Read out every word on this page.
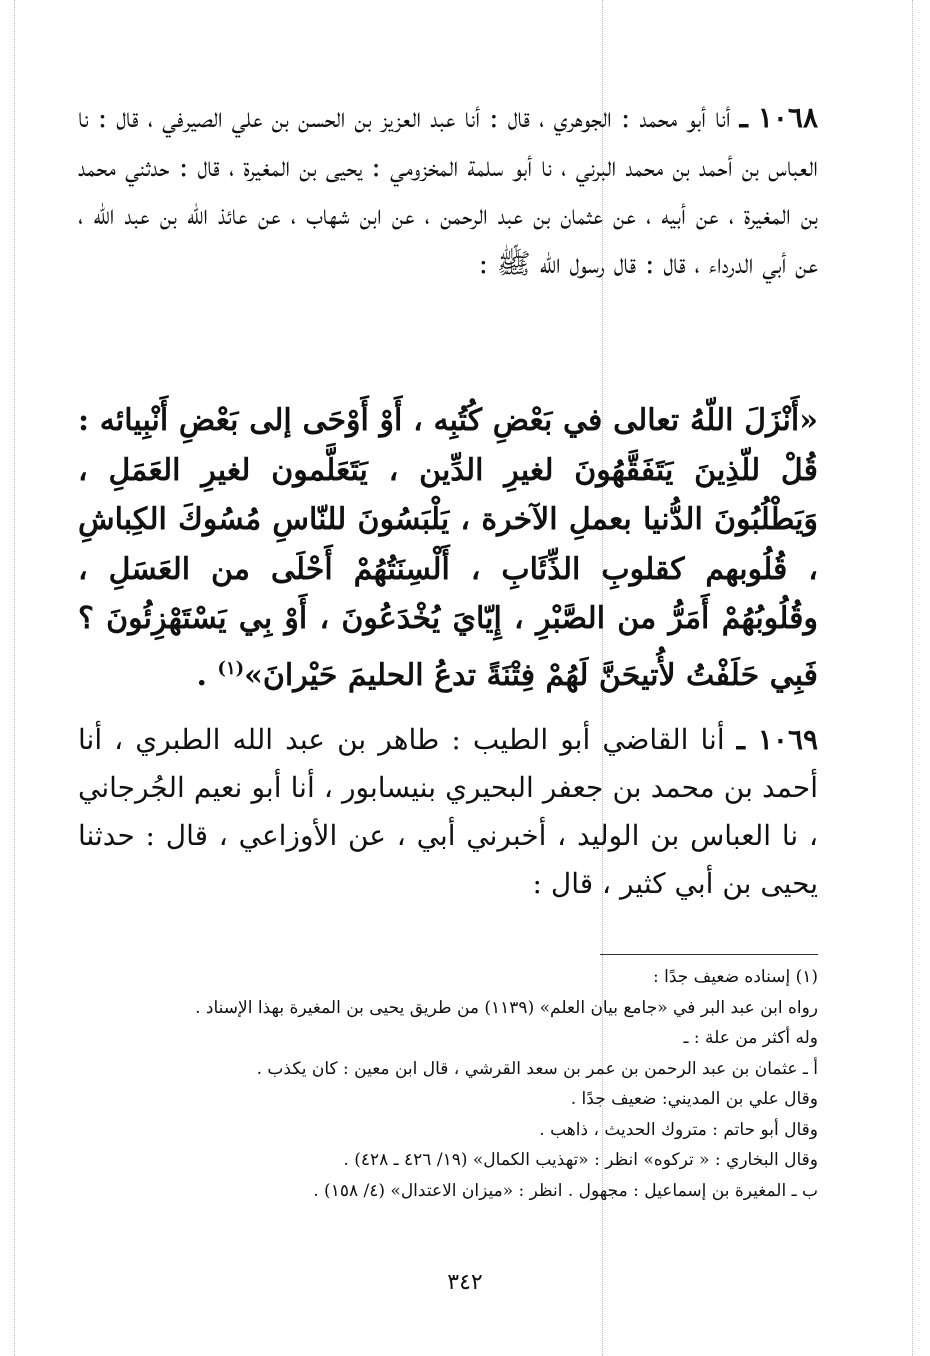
١٠٦٨ ـ أنا أبو محمد : الجوهري ، قال : أنا عبد العزيز بن الحسن بن علي الصيرفي ، قال : نا العباس بن أحمد بن محمد البرني ، نا أبو سلمة المخزومي : يحيى بن المغيرة ، قال : حدثني محمد بن المغيرة ، عن أبيه ، عن عثمان بن عبد الرحمن ، عن ابن شهاب ، عن عائذ الله بن عبد الله ، عن أبي الدرداء ، قال : قال رسول الله ﷺ :
«أَنْزَلَ اللّهُ تعالى في بَعْضِ كُتُبِه ، أَوْ أَوْحَى إلى بَعْضِ أَنْبِيائه : قُلْ للّذِينَ يَتَفَقَّهُونَ لغيرِ الدِّين ، يَتَعَلَّمون لغيرِ العَمَلِ ، وَيَطْلُبُونَ الدُّنيا بعملِ الآخرة ، يَلْبَسُونَ للنّاسِ مُسُوكَ الكِباشِ ، قُلُوبهم كقلوبِ الذِّئَابِ ، أَلْسِنَتُهُمْ أَحْلَى من العَسَلِ ، وقُلُوبُهُمْ أَمَرُّ من الصَّبْرِ ، إِيّايَ يُخْدَعُونَ ، أَوْ بِي يَسْتَهْزِئُونَ ؟ فَبِي حَلَفْتُ لأُتيحَنَّ لَهُمْ فِتْنَةً تدعُ الحليمَ حَيْرانَ»$^{(١)}$ .
١٠٦٩ ـ أنا القاضي أبو الطيب : طاهر بن عبد الله الطبري ، أنا أحمد بن محمد بن جعفر البحيري بنيسابور ، أنا أبو نعيم الجُرجاني ، نا العباس بن الوليد ، أخبرني أبي ، عن الأوزاعي ، قال : حدثنا يحيى بن أبي كثير ، قال :
(١) إسناده ضعيف جدًا :
رواه ابن عبد البر في «جامع بيان العلم» (١١٣٩) من طريق يحيى بن المغيرة بهذا الإسناد .
وله أكثر من علة : ـ
أ ـ عثمان بن عبد الرحمن بن عمر بن سعد القرشي ، قال ابن معين : كان يكذب .
وقال علي بن المديني: ضعيف جدًا .
وقال أبو حاتم : متروك الحديث ، ذاهب .
وقال البخاري : « تركوه» انظر : «تهذيب الكمال» (١٩/ ٤٢٦ ـ ٤٢٨) .
ب ـ المغيرة بن إسماعيل : مجهول . انظر : «ميزان الاعتدال» (٤/ ١٥٨) .
٣٤٢
